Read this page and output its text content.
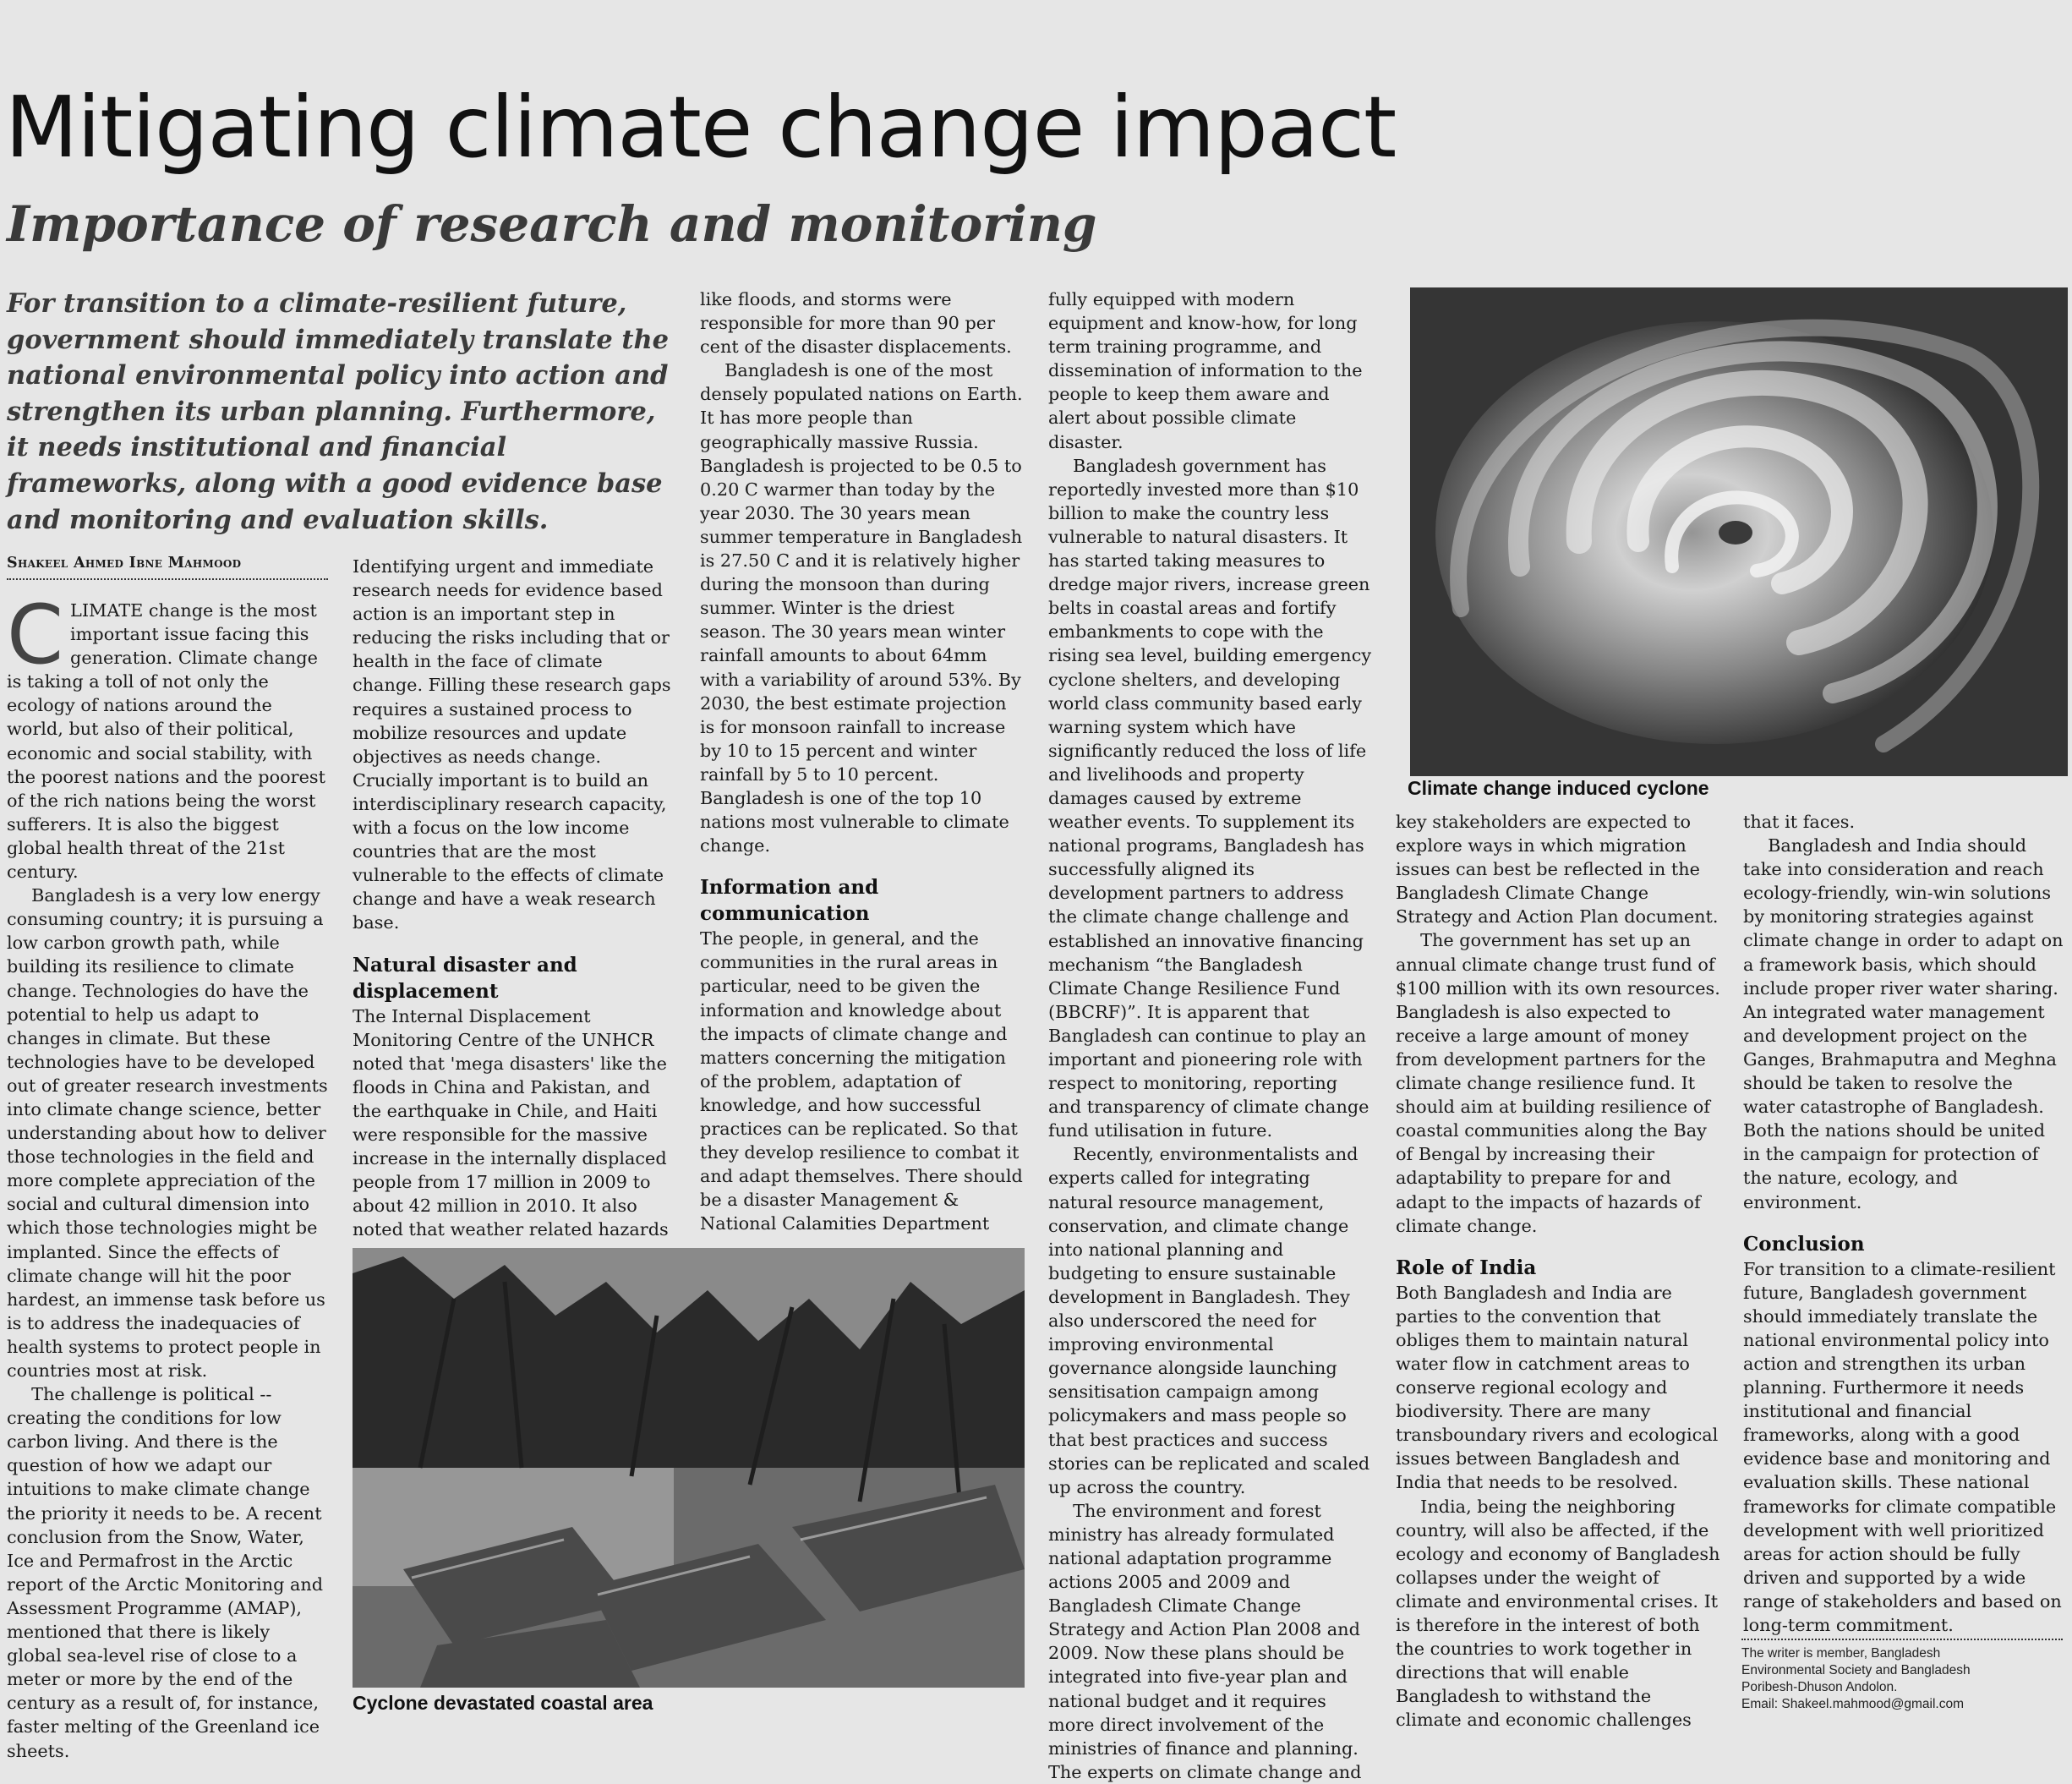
Mitigating climate change impact
Importance of research and monitoring

For transition to a climate-resilient future, government should immediately translate the national environmental policy into action and strengthen its urban planning. Furthermore, it needs institutional and financial frameworks, along with a good evidence base and monitoring and evaluation skills.

Shakeel Ahmed Ibne Mahmood

CLIMATE change is the most important issue facing this generation. Climate change is taking a toll of not only the ecology of nations around the world, but also of their political, economic and social stability, with the poorest nations and the poorest of the rich nations being the worst sufferers. It is also the biggest global health threat of the 21st century.

Bangladesh is a very low energy consuming country; it is pursuing a low carbon growth path, while building its resilience to climate change. Technologies do have the potential to help us adapt to changes in climate. But these technologies have to be developed out of greater research investments into climate change science, better understanding about how to deliver those technologies in the field and more complete appreciation of the social and cultural dimension into which those technologies might be implanted. Since the effects of climate change will hit the poor hardest, an immense task before us is to address the inadequacies of health systems to protect people in countries most at risk.

The challenge is political -- creating the conditions for low carbon living. And there is the question of how we adapt our intuitions to make climate change the priority it needs to be. A recent conclusion from the Snow, Water, Ice and Permafrost in the Arctic report of the Arctic Monitoring and Assessment Programme (AMAP), mentioned that there is likely global sea-level rise of close to a meter or more by the end of the century as a result of, for instance, faster melting of the Greenland ice sheets.

Identifying urgent and immediate research needs for evidence based action is an important step in reducing the risks including that or health in the face of climate change. Filling these research gaps requires a sustained process to mobilize resources and update objectives as needs change. Crucially important is to build an interdisciplinary research capacity, with a focus on the low income countries that are the most vulnerable to the effects of climate change and have a weak research base.

Natural disaster and displacement

The Internal Displacement Monitoring Centre of the UNHCR noted that 'mega disasters' like the floods in China and Pakistan, and the earthquake in Chile, and Haiti were responsible for the massive increase in the internally displaced people from 17 million in 2009 to about 42 million in 2010. It also noted that weather related hazards

like floods, and storms were responsible for more than 90 per cent of the disaster displacements.

Bangladesh is one of the most densely populated nations on Earth. It has more people than geographically massive Russia. Bangladesh is projected to be 0.5 to 0.20 C warmer than today by the year 2030. The 30 years mean summer temperature in Bangladesh is 27.50 C and it is relatively higher during the monsoon than during summer. Winter is the driest season. The 30 years mean winter rainfall amounts to about 64mm with a variability of around 53%. By 2030, the best estimate projection is for monsoon rainfall to increase by 10 to 15 percent and winter rainfall by 5 to 10 percent. Bangladesh is one of the top 10 nations most vulnerable to climate change.

Information and communication

The people, in general, and the communities in the rural areas in particular, need to be given the information and knowledge about the impacts of climate change and matters concerning the mitigation of the problem, adaptation of knowledge, and how successful practices can be replicated. So that they develop resilience to combat it and adapt themselves. There should be a disaster Management & National Calamities Department

fully equipped with modern equipment and know-how, for long term training programme, and dissemination of information to the people to keep them aware and alert about possible climate disaster.

Bangladesh government has reportedly invested more than $10 billion to make the country less vulnerable to natural disasters. It has started taking measures to dredge major rivers, increase green belts in coastal areas and fortify embankments to cope with the rising sea level, building emergency cyclone shelters, and developing world class community based early warning system which have significantly reduced the loss of life and livelihoods and property damages caused by extreme weather events. To supplement its national programs, Bangladesh has successfully aligned its development partners to address the climate change challenge and established an innovative financing mechanism “the Bangladesh Climate Change Resilience Fund (BBCRF)”. It is apparent that Bangladesh can continue to play an important and pioneering role with respect to monitoring, reporting and transparency of climate change fund utilisation in future.

Recently, environmentalists and experts called for integrating natural resource management, conservation, and climate change into national planning and budgeting to ensure sustainable development in Bangladesh. They also underscored the need for improving environmental governance alongside launching sensitisation campaign among policymakers and mass people so that best practices and success stories can be replicated and scaled up across the country.

The environment and forest ministry has already formulated national adaptation programme actions 2005 and 2009 and Bangladesh Climate Change Strategy and Action Plan 2008 and 2009. Now these plans should be integrated into five-year plan and national budget and it requires more direct involvement of the ministries of finance and planning. The experts on climate change and

key stakeholders are expected to explore ways in which migration issues can best be reflected in the Bangladesh Climate Change Strategy and Action Plan document.

The government has set up an annual climate change trust fund of $100 million with its own resources. Bangladesh is also expected to receive a large amount of money from development partners for the climate change resilience fund. It should aim at building resilience of coastal communities along the Bay of Bengal by increasing their adaptability to prepare for and adapt to the impacts of hazards of climate change.

Role of India

Both Bangladesh and India are parties to the convention that obliges them to maintain natural water flow in catchment areas to conserve regional ecology and biodiversity. There are many transboundary rivers and ecological issues between Bangladesh and India that needs to be resolved.

India, being the neighboring country, will also be affected, if the ecology and economy of Bangladesh collapses under the weight of climate and environmental crises. It is therefore in the interest of both the countries to work together in directions that will enable Bangladesh to withstand the climate and economic challenges

that it faces.

Bangladesh and India should take into consideration and reach ecology-friendly, win-win solutions by monitoring strategies against climate change in order to adapt on a framework basis, which should include proper river water sharing. An integrated water management and development project on the Ganges, Brahmaputra and Meghna should be taken to resolve the water catastrophe of Bangladesh. Both the nations should be united in the campaign for protection of the nature, ecology, and environment.

Conclusion

For transition to a climate-resilient future, Bangladesh government should immediately translate the national environmental policy into action and strengthen its urban planning. Furthermore it needs institutional and financial frameworks, along with a good evidence base and monitoring and evaluation skills. These national frameworks for climate compatible development with well prioritized areas for action should be fully driven and supported by a wide range of stakeholders and based on long-term commitment.

Climate change induced cyclone
Cyclone devastated coastal area
The writer is member, Bangladesh
Environmental Society and Bangladesh
Poribesh-Dhuson Andolon.
Email: Shakeel.mahmood@gmail.com
